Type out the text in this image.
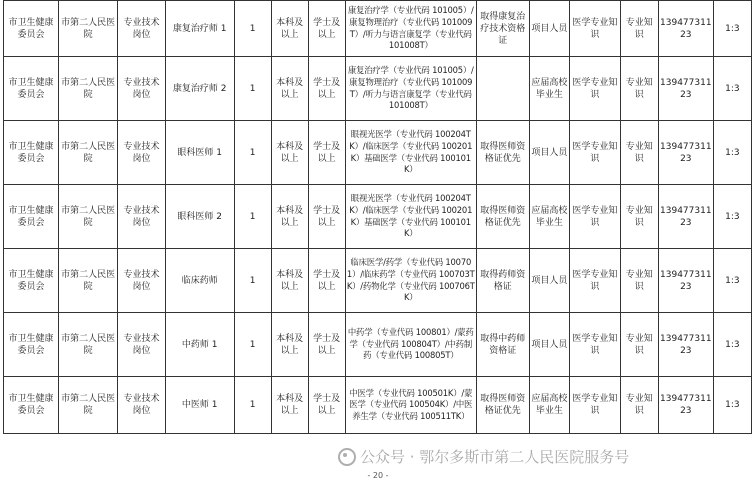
市卫生健康委员会	市第二人民医院	专业技术岗位	康复治疗师 1	1	本科及以上	学士及以上	康复治疗学（专业代码 101005）/康复物理治疗（专业代码 101009T）/听力与语言康复学（专业代码 101008T）	取得康复治疗技术资格证	项目人员	医学专业知识	专业知识	13947731123	1:3
市卫生健康委员会	市第二人民医院	专业技术岗位	康复治疗师 2	1	本科及以上	学士及以上	康复治疗学（专业代码 101005）/康复物理治疗（专业代码 101009T）/听力与语言康复学（专业代码 101008T）		应届高校毕业生	医学专业知识	专业知识	13947731123	1:3
市卫生健康委员会	市第二人民医院	专业技术岗位	眼科医师 1	1	本科及以上	学士及以上	眼视光医学（专业代码 100204TK）/临床医学（专业代码 100201K）基础医学（专业代码 100101K）	取得医师资格证优先	项目人员	医学专业知识	专业知识	13947731123	1:3
市卫生健康委员会	市第二人民医院	专业技术岗位	眼科医师 2	1	本科及以上	学士及以上	眼视光医学（专业代码 100204TK）/临床医学（专业代码 100201K）基础医学（专业代码 100101K）	取得医师资格证优先	应届高校毕业生	医学专业知识	专业知识	13947731123	1:3
市卫生健康委员会	市第二人民医院	专业技术岗位	临床药师	1	本科及以上	学士及以上	临床医学/药学（专业代码 100701）/临床药学（专业代码 100703TK）/药物化学（专业代码 100706TK）	取得药师资格证	项目人员	医学专业知识	专业知识	13947731123	1:3
市卫生健康委员会	市第二人民医院	专业技术岗位	中药师 1	1	本科及以上	学士及以上	中药学（专业代码 100801）/蒙药学（专业代码 100804T）/中药制药（专业代码 100805T）	取得中药师资格证	项目人员	医学专业知识	专业知识	13947731123	1:3
市卫生健康委员会	市第二人民医院	专业技术岗位	中医师 1	1	本科及以上	学士及以上	中医学（专业代码 100501K）/蒙医学（专业代码 100504K）/中医养生学（专业代码 100511TK）	取得医师资格证优先	应届高校毕业生	医学专业知识	专业知识	13947731123	1:3
公众号 · 鄂尔多斯市第二人民医院服务号
- 20 -
